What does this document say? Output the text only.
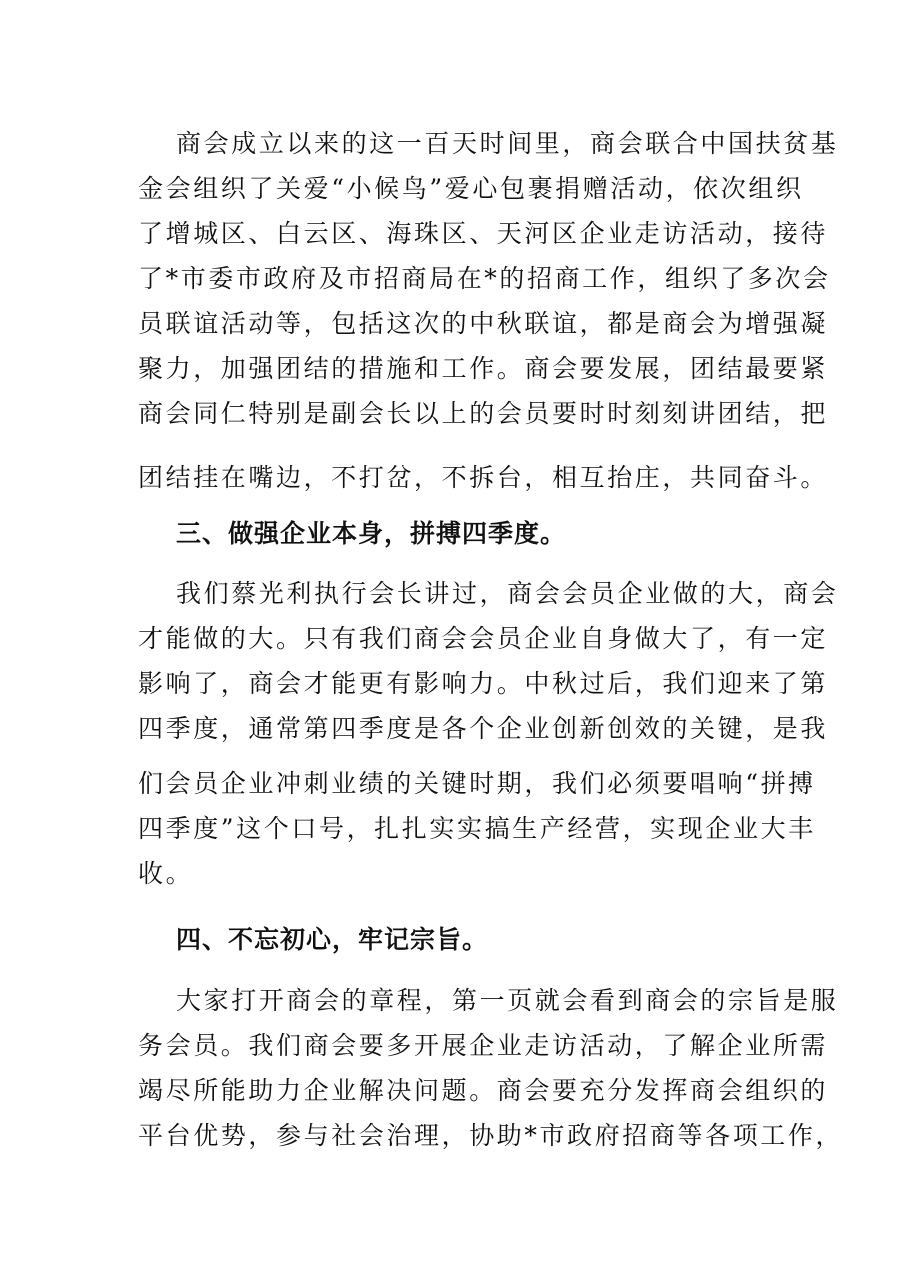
商会成立以来的这一百天时间里，商会联合中国扶贫基
金会组织了关爱“小候鸟”爱心包裹捐赠活动，依次组织
了增城区、白云区、海珠区、天河区企业走访活动，接待
了*市委市政府及市招商局在*的招商工作，组织了多次会
员联谊活动等，包括这次的中秋联谊，都是商会为增强凝
聚力，加强团结的措施和工作。商会要发展，团结最要紧
商会同仁特别是副会长以上的会员要时时刻刻讲团结，把
团结挂在嘴边，不打岔，不拆台，相互抬庄，共同奋斗。
三、做强企业本身，拼搏四季度。
我们蔡光利执行会长讲过，商会会员企业做的大，商会
才能做的大。只有我们商会会员企业自身做大了，有一定
影响了，商会才能更有影响力。中秋过后，我们迎来了第
四季度，通常第四季度是各个企业创新创效的关键，是我
们会员企业冲刺业绩的关键时期，我们必须要唱响“拼搏
四季度”这个口号，扎扎实实搞生产经营，实现企业大丰
收。
四、不忘初心，牢记宗旨。
大家打开商会的章程，第一页就会看到商会的宗旨是服
务会员。我们商会要多开展企业走访活动，了解企业所需
竭尽所能助力企业解决问题。商会要充分发挥商会组织的
平台优势，参与社会治理，协助*市政府招商等各项工作，
